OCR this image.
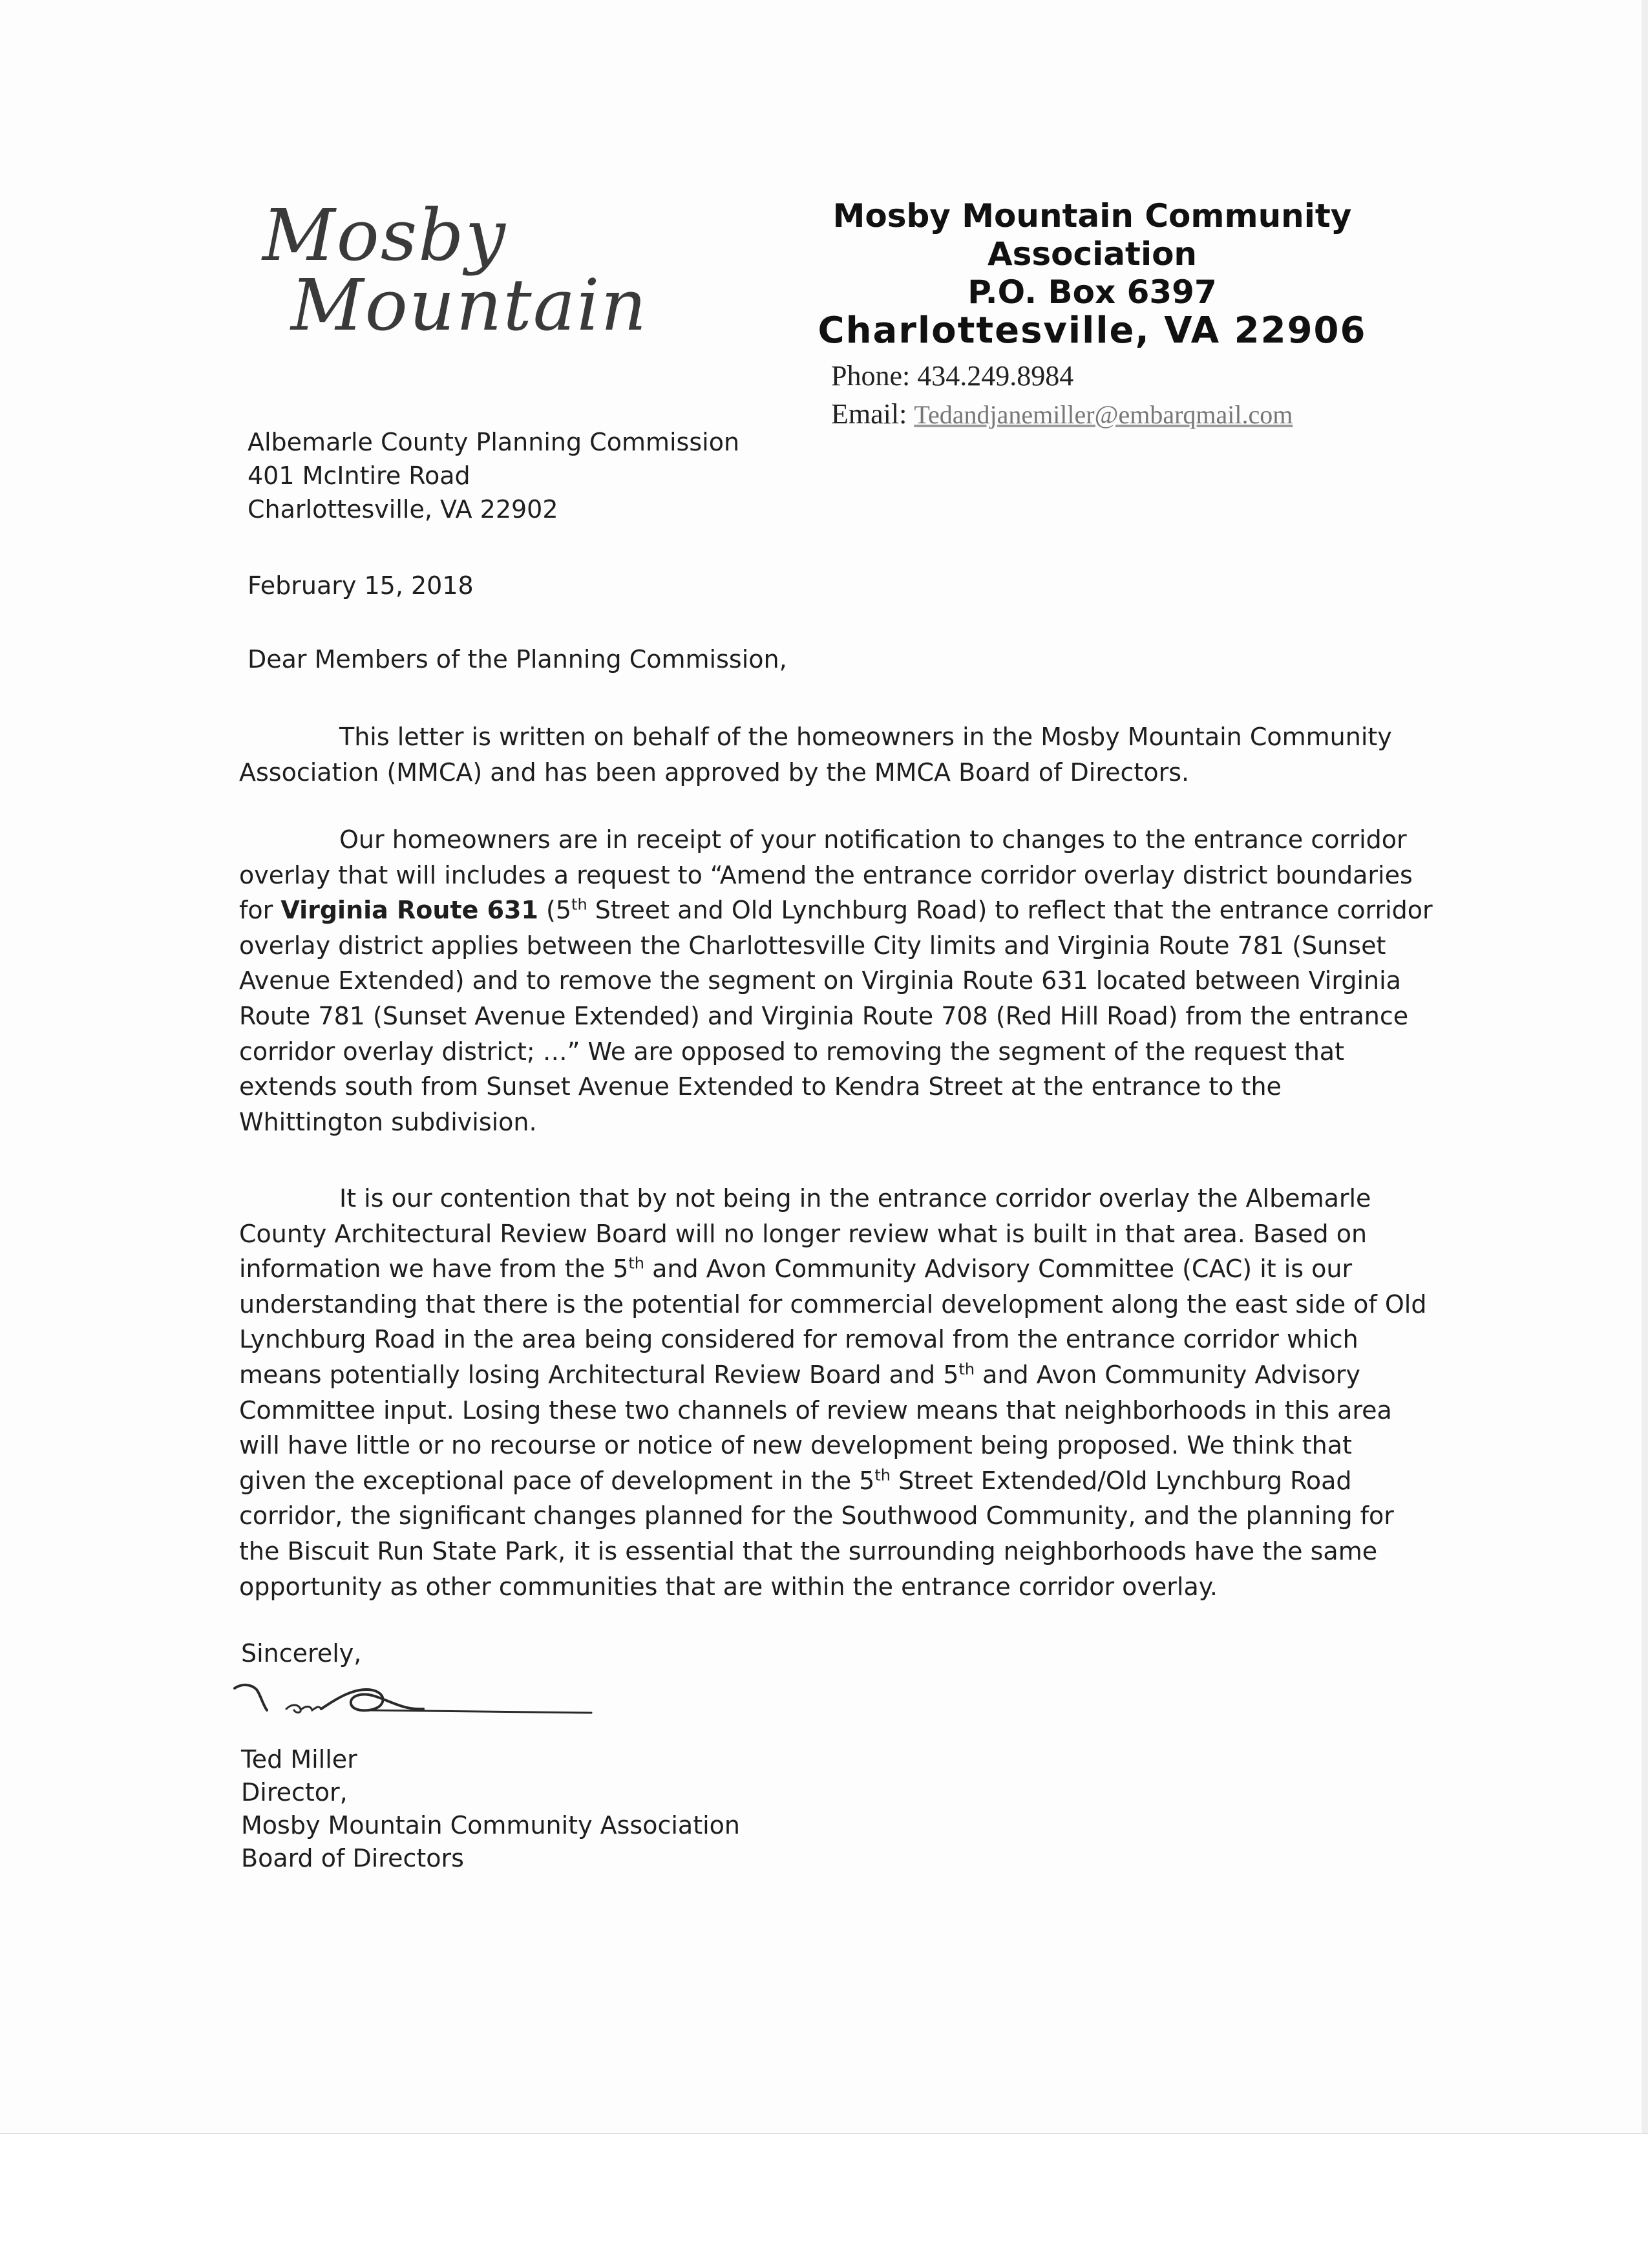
Mosby
Mountain
Mosby Mountain Community
Association
P.O. Box 6397
Charlottesville, VA 22906
Phone: 434.249.8984
Email: Tedandjanemiller@embarqmail.com
Albemarle County Planning Commission
401 McIntire Road
Charlottesville, VA 22902
February 15, 2018
Dear Members of the Planning Commission,
This letter is written on behalf of the homeowners in the Mosby Mountain Community
Association (MMCA) and has been approved by the MMCA Board of Directors.
Our homeowners are in receipt of your notification to changes to the entrance corridor
overlay that will includes a request to “Amend the entrance corridor overlay district boundaries
for Virginia Route 631 (5th Street and Old Lynchburg Road) to reflect that the entrance corridor
overlay district applies between the Charlottesville City limits and Virginia Route 781 (Sunset
Avenue Extended) and to remove the segment on Virginia Route 631 located between Virginia
Route 781 (Sunset Avenue Extended) and Virginia Route 708 (Red Hill Road) from the entrance
corridor overlay district; …” We are opposed to removing the segment of the request that
extends south from Sunset Avenue Extended to Kendra Street at the entrance to the
Whittington subdivision.
It is our contention that by not being in the entrance corridor overlay the Albemarle
County Architectural Review Board will no longer review what is built in that area. Based on
information we have from the 5th and Avon Community Advisory Committee (CAC) it is our
understanding that there is the potential for commercial development along the east side of Old
Lynchburg Road in the area being considered for removal from the entrance corridor which
means potentially losing Architectural Review Board and 5th and Avon Community Advisory
Committee input. Losing these two channels of review means that neighborhoods in this area
will have little or no recourse or notice of new development being proposed. We think that
given the exceptional pace of development in the 5th Street Extended/Old Lynchburg Road
corridor, the significant changes planned for the Southwood Community, and the planning for
the Biscuit Run State Park, it is essential that the surrounding neighborhoods have the same
opportunity as other communities that are within the entrance corridor overlay.
Sincerely,
Ted Miller
Director,
Mosby Mountain Community Association
Board of Directors
